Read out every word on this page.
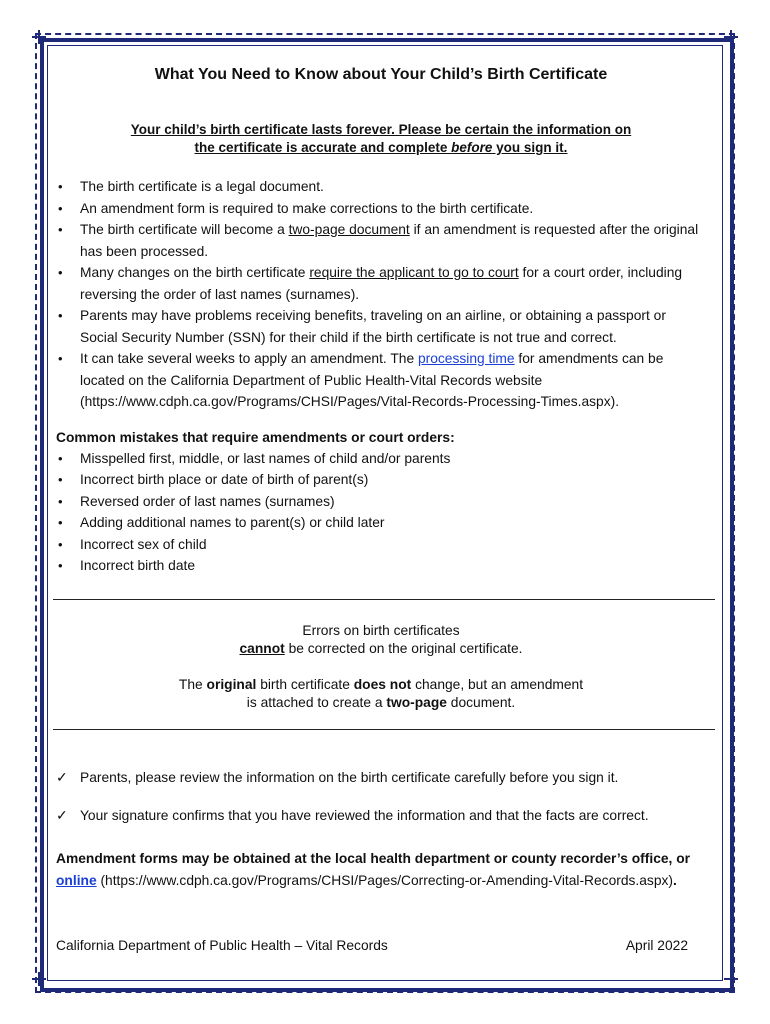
What You Need to Know about Your Child’s Birth Certificate
Your child’s birth certificate lasts forever. Please be certain the information on
the certificate is accurate and complete before you sign it.
• The birth certificate is a legal document.
• An amendment form is required to make corrections to the birth certificate.
• The birth certificate will become a two-page document if an amendment is requested after the original has been processed.
• Many changes on the birth certificate require the applicant to go to court for a court order, including reversing the order of last names (surnames).
• Parents may have problems receiving benefits, traveling on an airline, or obtaining a passport or Social Security Number (SSN) for their child if the birth certificate is not true and correct.
• It can take several weeks to apply an amendment. The processing time for amendments can be located on the California Department of Public Health-Vital Records website (https://www.cdph.ca.gov/Programs/CHSI/Pages/Vital-Records-Processing-Times.aspx).
Common mistakes that require amendments or court orders:
• Misspelled first, middle, or last names of child and/or parents
• Incorrect birth place or date of birth of parent(s)
• Reversed order of last names (surnames)
• Adding additional names to parent(s) or child later
• Incorrect sex of child
• Incorrect birth date
Errors on birth certificates
cannot be corrected on the original certificate.
The original birth certificate does not change, but an amendment
is attached to create a two-page document.
✓ Parents, please review the information on the birth certificate carefully before you sign it.
✓ Your signature confirms that you have reviewed the information and that the facts are correct.
Amendment forms may be obtained at the local health department or county recorder’s office, or online (https://www.cdph.ca.gov/Programs/CHSI/Pages/Correcting-or-Amending-Vital-Records.aspx).
California Department of Public Health – Vital Records	April 2022
